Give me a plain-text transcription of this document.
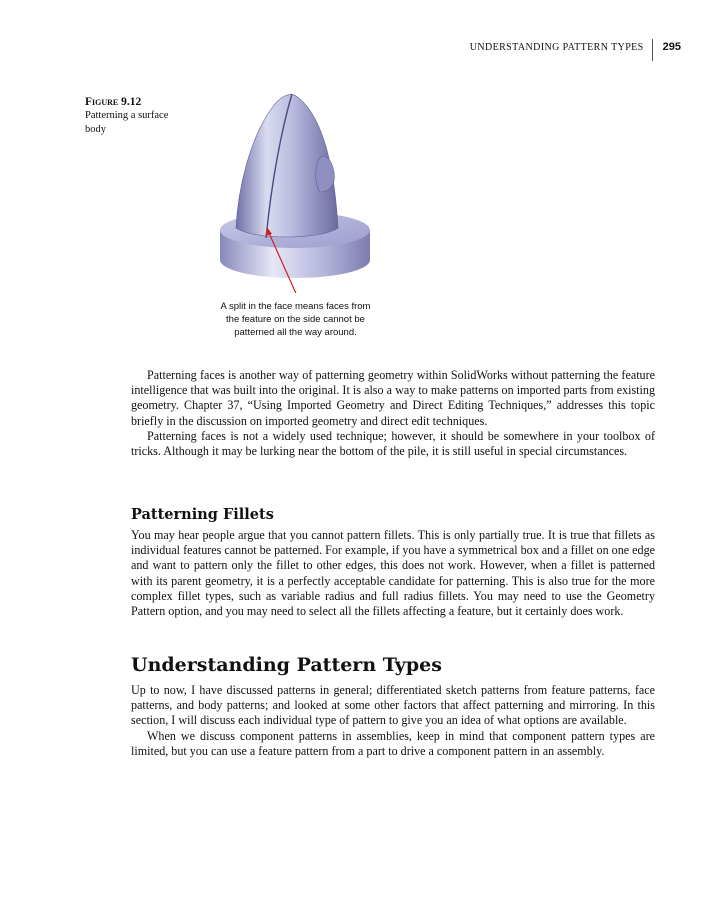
UNDERSTANDING PATTERN TYPES	295
Figure 9.12
Patterning a surface body
A split in the face means faces from the feature on the side cannot be patterned all the way around.

Patterning faces is another way of patterning geometry within SolidWorks without patterning the feature intelligence that was built into the original. It is also a way to make patterns on imported parts from existing geometry. Chapter 37, “Using Imported Geometry and Direct Editing Techniques,” addresses this topic briefly in the discussion on imported geometry and direct edit techniques.

Patterning faces is not a widely used technique; however, it should be somewhere in your toolbox of tricks. Although it may be lurking near the bottom of the pile, it is still useful in special circumstances.

Patterning Fillets

You may hear people argue that you cannot pattern fillets. This is only partially true. It is true that fillets as individual features cannot be patterned. For example, if you have a symmetrical box and a fillet on one edge and want to pattern only the fillet to other edges, this does not work. However, when a fillet is patterned with its parent geometry, it is a perfectly acceptable candidate for patterning. This is also true for the more complex fillet types, such as variable radius and full radius fillets. You may need to use the Geometry Pattern option, and you may need to select all the fillets affecting a feature, but it certainly does work.

Understanding Pattern Types

Up to now, I have discussed patterns in general; differentiated sketch patterns from feature patterns, face patterns, and body patterns; and looked at some other factors that affect patterning and mirroring. In this section, I will discuss each individual type of pattern to give you an idea of what options are available.

When we discuss component patterns in assemblies, keep in mind that component pattern types are limited, but you can use a feature pattern from a part to drive a component pattern in an assembly.
